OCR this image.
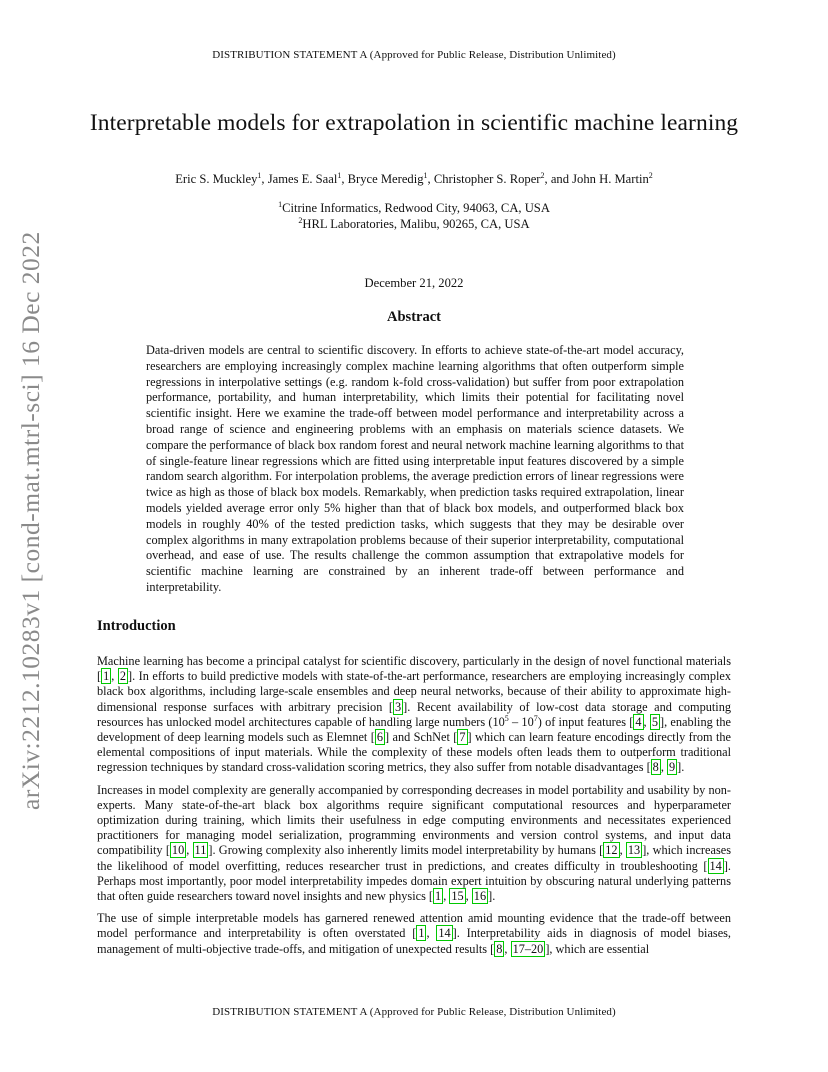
DISTRIBUTION STATEMENT A (Approved for Public Release, Distribution Unlimited)
arXiv:2212.10283v1 [cond-mat.mtrl-sci] 16 Dec 2022
Interpretable models for extrapolation in scientific machine learning
Eric S. Muckley$^1$, James E. Saal$^1$, Bryce Meredig$^1$, Christopher S. Roper$^2$, and John H. Martin$^2$
$^1$Citrine Informatics, Redwood City, 94063, CA, USA
$^2$HRL Laboratories, Malibu, 90265, CA, USA
December 21, 2022
Abstract

Data-driven models are central to scientific discovery. In efforts to achieve state-of-the-art model accuracy, researchers are employing increasingly complex machine learning algorithms that often outperform simple regressions in interpolative settings (e.g. random k-fold cross-validation) but suffer from poor extrapolation performance, portability, and human interpretability, which limits their potential for facilitating novel scientific insight. Here we examine the trade-off between model performance and interpretability across a broad range of science and engineering problems with an emphasis on materials science datasets. We compare the performance of black box random forest and neural network machine learning algorithms to that of single-feature linear regressions which are fitted using interpretable input features discovered by a simple random search algorithm. For interpolation problems, the average prediction errors of linear regressions were twice as high as those of black box models. Remarkably, when prediction tasks required extrapolation, linear models yielded average error only 5% higher than that of black box models, and outperformed black box models in roughly 40% of the tested prediction tasks, which suggests that they may be desirable over complex algorithms in many extrapolation problems because of their superior interpretability, computational overhead, and ease of use. The results challenge the common assumption that extrapolative models for scientific machine learning are constrained by an inherent trade-off between performance and interpretability.

Introduction

Machine learning has become a principal catalyst for scientific discovery, particularly in the design of novel functional materials [ 1 , 2 ]. In efforts to build predictive models with state-of-the-art performance, researchers are employing increasingly complex black box algorithms, including large-scale ensembles and deep neural networks, because of their ability to approximate high-dimensional response surfaces with arbitrary precision [ 3 ]. Recent availability of low-cost data storage and computing resources has unlocked model architectures capable of handling large numbers $(10^5 - 10^7)$ of input features [ 4 , 5 ], enabling the development of deep learning models such as Elemnet [ 6 ] and SchNet [ 7 ] which can learn feature encodings directly from the elemental compositions of input materials. While the complexity of these models often leads them to outperform traditional regression techniques by standard cross-validation scoring metrics, they also suffer from notable disadvantages [ 8 , 9 ].

Increases in model complexity are generally accompanied by corresponding decreases in model portability and usability by non-experts. Many state-of-the-art black box algorithms require significant computational resources and hyperparameter optimization during training, which limits their usefulness in edge computing environments and necessitates experienced practitioners for managing model serialization, programming environments and version control systems, and input data compatibility [ 10 , 11 ]. Growing complexity also inherently limits model interpretability by humans [ 12 , 13 ], which increases the likelihood of model overfitting, reduces researcher trust in predictions, and creates difficulty in troubleshooting [ 14 ]. Perhaps most importantly, poor model interpretability impedes domain expert intuition by obscuring natural underlying patterns that often guide researchers toward novel insights and new physics [ 1 , 15 , 16 ].

The use of simple interpretable models has garnered renewed attention amid mounting evidence that the trade-off between model performance and interpretability is often overstated [ 1 , 14 ]. Interpretability aids in diagnosis of model biases, management of multi-objective trade-offs, and mitigation of unexpected results [ 8 , 17–20 ], which are essential

DISTRIBUTION STATEMENT A (Approved for Public Release, Distribution Unlimited)
